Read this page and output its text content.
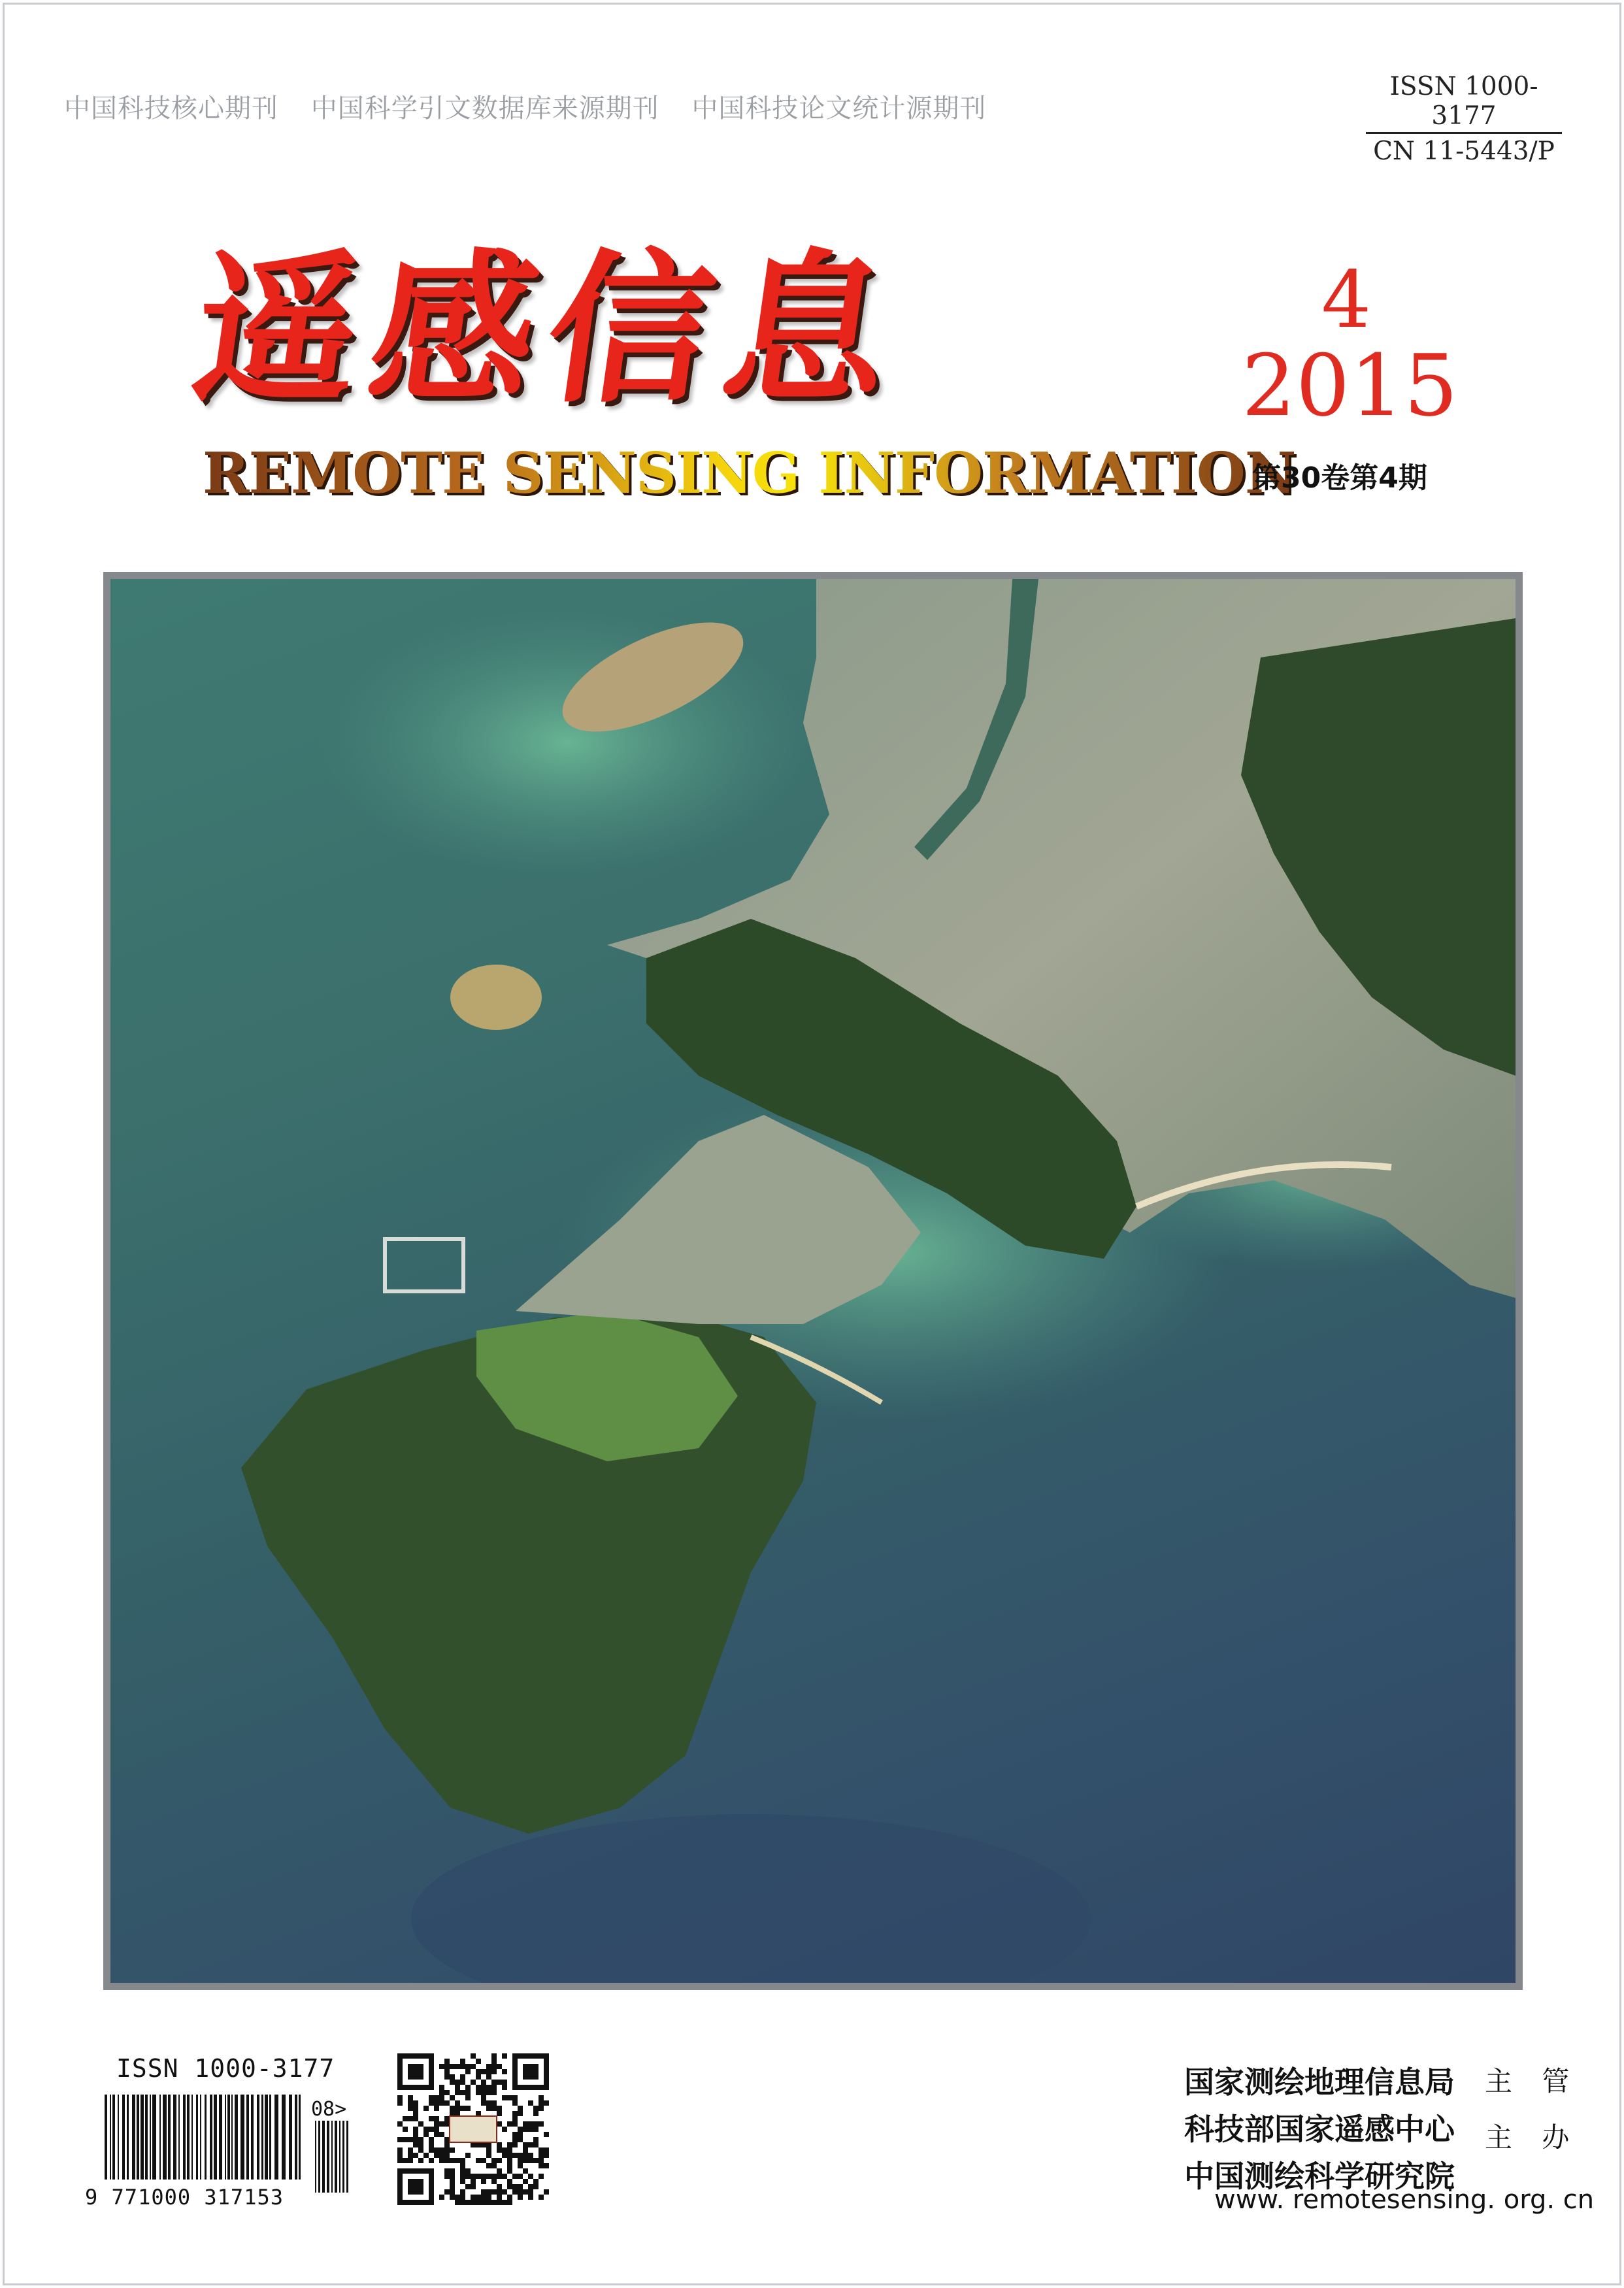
中国科技核心期刊 中国科学引文数据库来源期刊 中国科技论文统计源期刊
ISSN 1000-3177
CN 11-5443/P
遥感信息
REMOTE SENSING INFORMATION
4
2015
第30卷第4期
ISSN 1000-3177
9 771000 317153
08>
国家测绘地理信息局
科技部国家遥感中心
中国测绘科学研究院
主 管
主 办
www. remotesensing. org. cn
